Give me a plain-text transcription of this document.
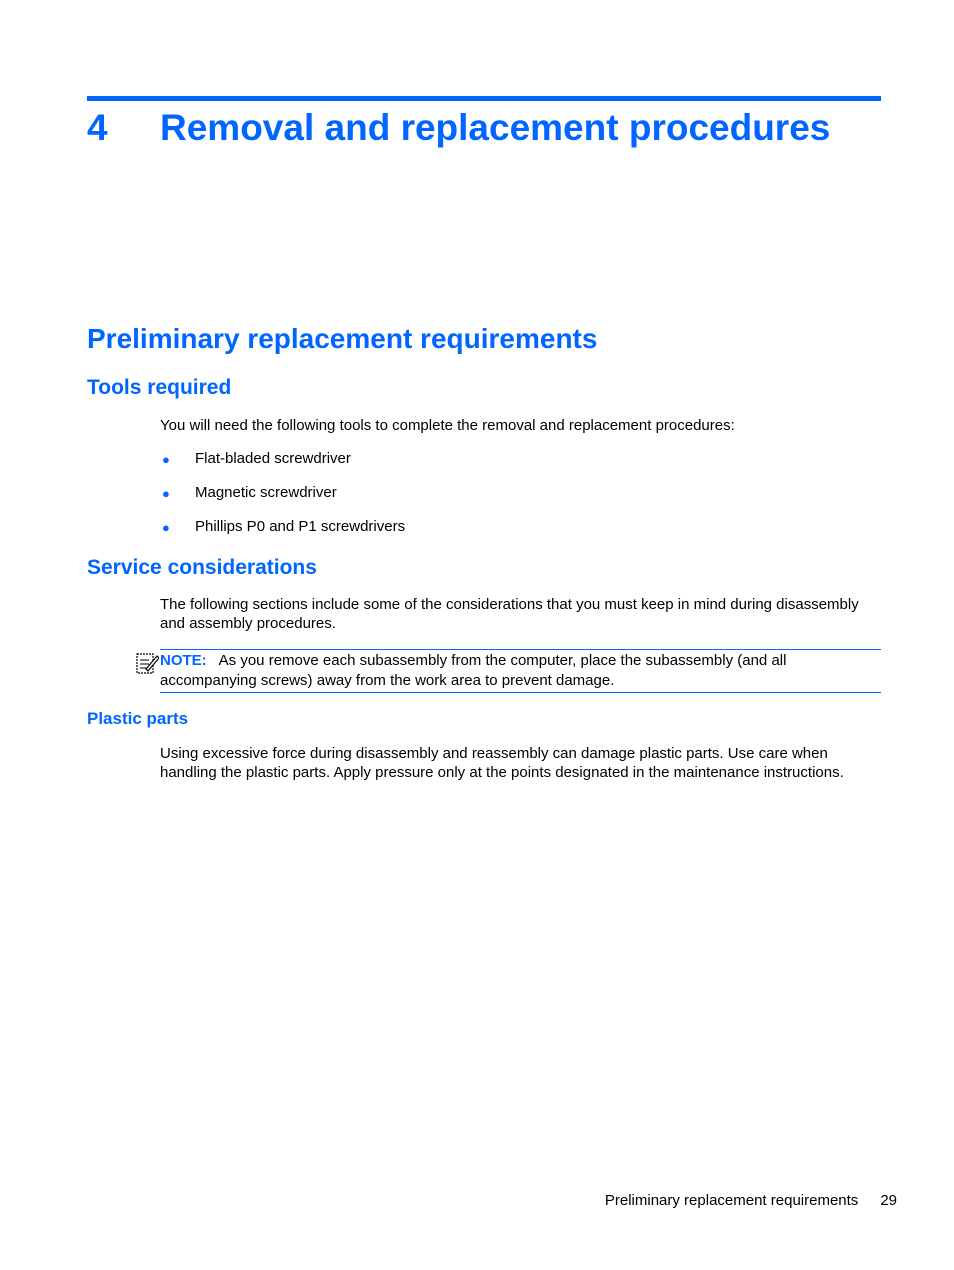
4 Removal and replacement procedures
Preliminary replacement requirements
Tools required
You will need the following tools to complete the removal and replacement procedures:
● Flat-bladed screwdriver
● Magnetic screwdriver
● Phillips P0 and P1 screwdrivers
Service considerations
The following sections include some of the considerations that you must keep in mind during disassembly and assembly procedures.
NOTE: As you remove each subassembly from the computer, place the subassembly (and all accompanying screws) away from the work area to prevent damage.
Plastic parts
Using excessive force during disassembly and reassembly can damage plastic parts. Use care when handling the plastic parts. Apply pressure only at the points designated in the maintenance instructions.
Preliminary replacement requirements 29
